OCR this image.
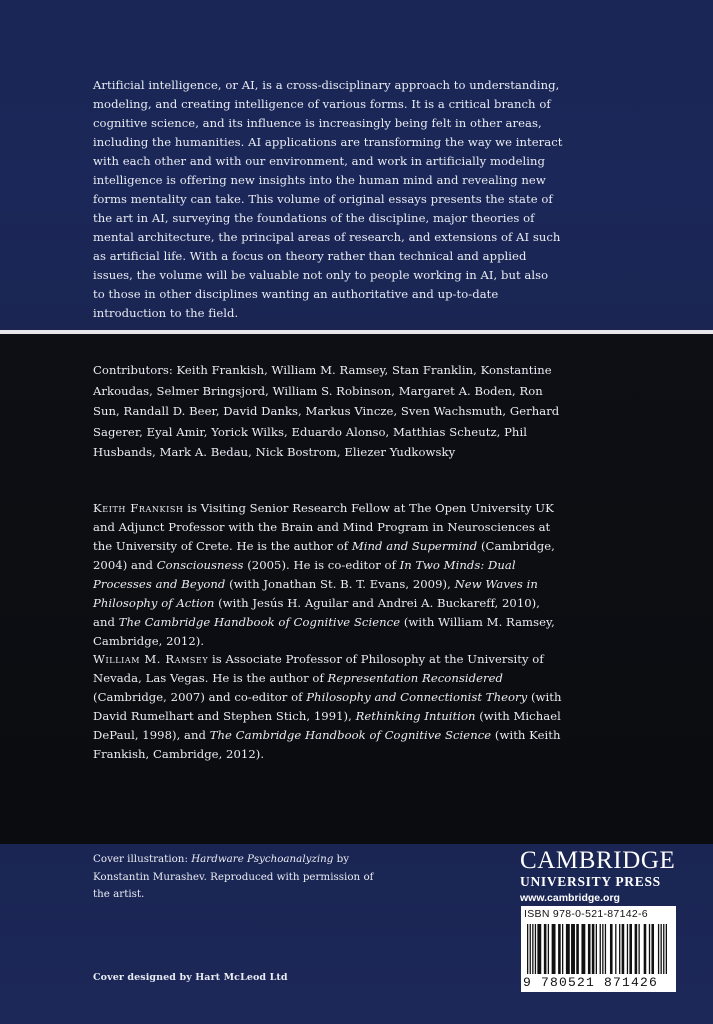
Artificial intelligence, or AI, is a cross-disciplinary approach to understanding, modeling, and creating intelligence of various forms. It is a critical branch of cognitive science, and its influence is increasingly being felt in other areas, including the humanities. AI applications are transforming the way we interact with each other and with our environment, and work in artificially modeling intelligence is offering new insights into the human mind and revealing new forms mentality can take. This volume of original essays presents the state of the art in AI, surveying the foundations of the discipline, major theories of mental architecture, the principal areas of research, and extensions of AI such as artificial life. With a focus on theory rather than technical and applied issues, the volume will be valuable not only to people working in AI, but also to those in other disciplines wanting an authoritative and up-to-date introduction to the field.
Contributors: Keith Frankish, William M. Ramsey, Stan Franklin, Konstantine Arkoudas, Selmer Bringsjord, William S. Robinson, Margaret A. Boden, Ron Sun, Randall D. Beer, David Danks, Markus Vincze, Sven Wachsmuth, Gerhard Sagerer, Eyal Amir, Yorick Wilks, Eduardo Alonso, Matthias Scheutz, Phil Husbands, Mark A. Bedau, Nick Bostrom, Eliezer Yudkowsky

Keith Frankish is Visiting Senior Research Fellow at The Open University UK and Adjunct Professor with the Brain and Mind Program in Neurosciences at the University of Crete. He is the author of Mind and Supermind (Cambridge, 2004) and Consciousness (2005). He is co-editor of In Two Minds: Dual Processes and Beyond (with Jonathan St. B. T. Evans, 2009), New Waves in Philosophy of Action (with Jesús H. Aguilar and Andrei A. Buckareff, 2010), and The Cambridge Handbook of Cognitive Science (with William M. Ramsey, Cambridge, 2012).

William M. Ramsey is Associate Professor of Philosophy at the University of Nevada, Las Vegas. He is the author of Representation Reconsidered (Cambridge, 2007) and co-editor of Philosophy and Connectionist Theory (with David Rumelhart and Stephen Stich, 1991), Rethinking Intuition (with Michael DePaul, 1998), and The Cambridge Handbook of Cognitive Science (with Keith Frankish, Cambridge, 2012).

Cover illustration: Hardware Psychoanalyzing by Konstantin Murashev. Reproduced with permission of the artist.
Cover designed by Hart McLeod Ltd
CAMBRIDGE
UNIVERSITY PRESS
www.cambridge.org
ISBN 978-0-521-87142-6
9 780521 871426
